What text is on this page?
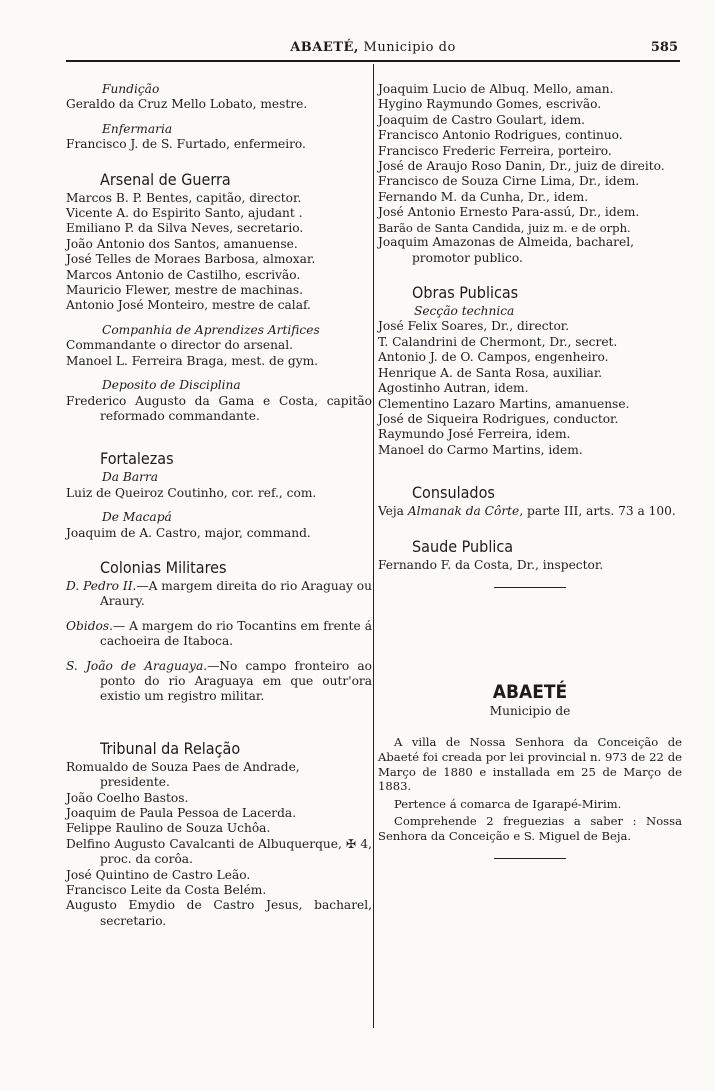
ABAETÉ, Municipio do	585

Fundição

Geraldo da Cruz Mello Lobato, mestre.

Enfermaria

Francisco J. de S. Furtado, enfermeiro.

Arsenal de Guerra

Marcos B. P. Bentes, capitão, director.

Vicente A. do Espirito Santo, ajudant .

Emiliano P. da Silva Neves, secretario.

João Antonio dos Santos, amanuense.

José Telles de Moraes Barbosa, almoxar.

Marcos Antonio de Castilho, escrivão.

Mauricio Flewer, mestre de machinas.

Antonio José Monteiro, mestre de calaf.

Companhia de Aprendizes Artifices

Commandante o director do arsenal.

Manoel L. Ferreira Braga, mest. de gym.

Deposito de Disciplina

Frederico Augusto da Gama e Costa, capitão reformado commandante.

Fortalezas

Da Barra

Luiz de Queiroz Coutinho, cor. ref., com.

De Macapá

Joaquim de A. Castro, major, command.

Colonias Militares

D. Pedro II.—A margem direita do rio Araguay ou Araury.

Obidos.— A margem do rio Tocantins em frente á cachoeira de Itaboca.

S. João de Araguaya.—No campo fronteiro ao ponto do rio Araguaya em que outr'ora existio um registro militar.

Tribunal da Relação

Romualdo de Souza Paes de Andrade, presidente.

João Coelho Bastos.

Joaquim de Paula Pessoa de Lacerda.

Felippe Raulino de Souza Uchôa.

Delfino Augusto Cavalcanti de Albuquerque, ✠ 4, proc. da corôa.

José Quintino de Castro Leão.

Francisco Leite da Costa Belém.

Augusto Emydio de Castro Jesus, bacharel, secretario.

Joaquim Lucio de Albuq. Mello, aman.

Hygino Raymundo Gomes, escrivão.

Joaquim de Castro Goulart, idem.

Francisco Antonio Rodrigues, continuo.

Francisco Frederic Ferreira, porteiro.

José de Araujo Roso Danin, Dr., juiz de direito.

Francisco de Souza Cirne Lima, Dr., idem.

Fernando M. da Cunha, Dr., idem.

José Antonio Ernesto Para-assú, Dr., idem.

Barão de Santa Candida, juiz m. e de orph.

Joaquim Amazonas de Almeida, bacharel, promotor publico.

Obras Publicas

Secção technica

José Felix Soares, Dr., director.

T. Calandrini de Chermont, Dr., secret.

Antonio J. de O. Campos, engenheiro.

Henrique A. de Santa Rosa, auxiliar.

Agostinho Autran, idem.

Clementino Lazaro Martins, amanuense.

José de Siqueira Rodrigues, conductor.

Raymundo José Ferreira, idem.

Manoel do Carmo Martins, idem.

Consulados

Veja Almanak da Côrte, parte III, arts. 73 a 100.

Saude Publica

Fernando F. da Costa, Dr., inspector.

ABAETÉ

Municipio de

A villa de Nossa Senhora da Conceição de Abaeté foi creada por lei provincial n. 973 de 22 de Março de 1880 e installada em 25 de Março de 1883.

Pertence á comarca de Igarapé-Mirim.

Comprehende 2 freguezias a saber : Nossa Senhora da Conceição e S. Miguel de Beja.
